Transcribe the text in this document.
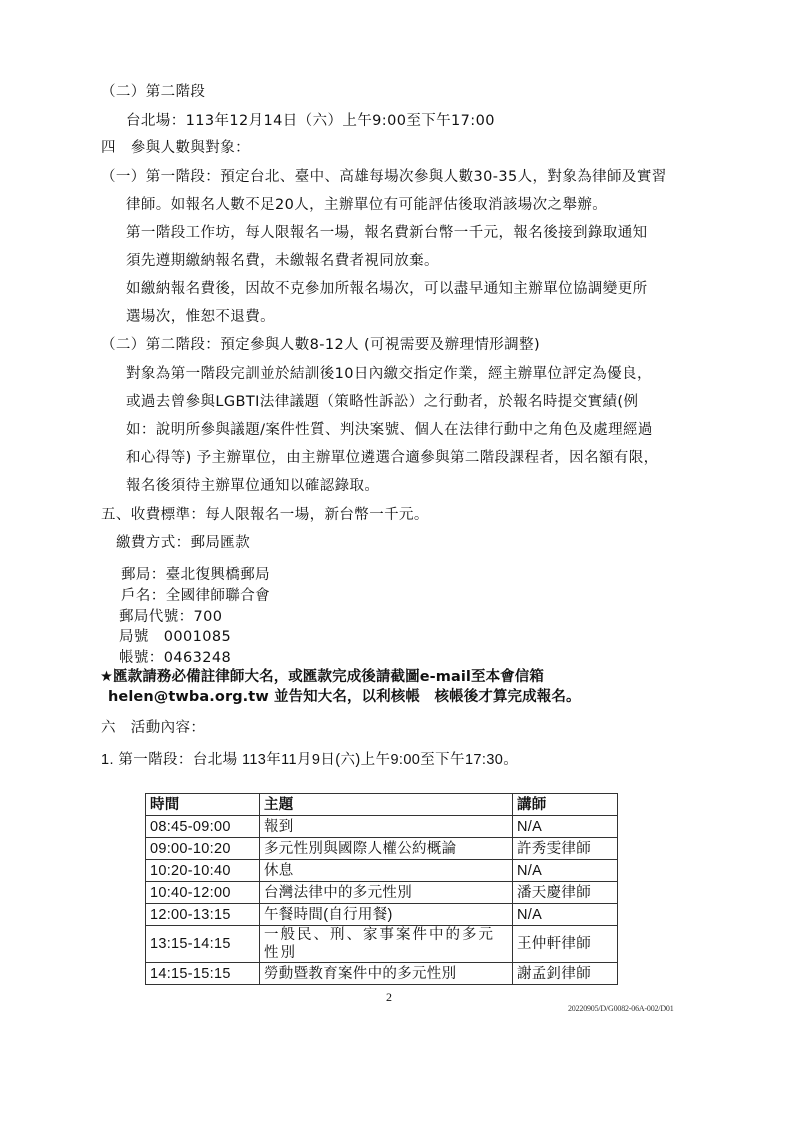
（二）第二階段
台北場：113年12月14日（六）上午9:00至下午17:00
四　參與人數與對象：
（一）第一階段：預定台北、臺中、高雄每場次參與人數30-35人，對象為律師及實習
律師。如報名人數不足20人，主辦單位有可能評估後取消該場次之舉辦。
第一階段工作坊，每人限報名一場，報名費新台幣一千元，報名後接到錄取通知
須先遵期繳納報名費，未繳報名費者視同放棄。
如繳納報名費後，因故不克參加所報名場次，可以盡早通知主辦單位協調變更所
選場次，惟恕不退費。
（二）第二階段：預定參與人數8-12人 (可視需要及辦理情形調整)
對象為第一階段完訓並於結訓後10日內繳交指定作業，經主辦單位評定為優良，
或過去曾參與LGBTI法律議題（策略性訴訟）之行動者，於報名時提交實績(例
如：說明所參與議題/案件性質、判決案號、個人在法律行動中之角色及處理經過
和心得等) 予主辦單位，由主辦單位遴選合適參與第二階段課程者，因名額有限，
報名後須待主辦單位通知以確認錄取。
五、收費標準：每人限報名一場，新台幣一千元。
繳費方式：郵局匯款
郵局：臺北復興橋郵局
戶名：全國律師聯合會
郵局代號：700
局號　0001085
帳號：0463248
★匯款請務必備註律師大名，或匯款完成後請截圖e-mail至本會信箱
helen@twba.org.tw 並告知大名，以利核帳　核帳後才算完成報名。
六　活動內容：
1. 第一階段：台北場 113年11月9日(六)上午9:00至下午17:30。
時間	主題	講師
08:45-09:00	報到	N/A
09:00-10:20	多元性別與國際人權公約概論	許秀雯律師
10:20-10:40	休息	N/A
10:40-12:00	台灣法律中的多元性別	潘天慶律師
12:00-13:15	午餐時間(自行用餐)	N/A
13:15-14:15	一般民、刑、家事案件中的多元性別	王仲軒律師
14:15-15:15	勞動暨教育案件中的多元性別	謝孟釗律師
2
20220905/D/G0082-06A-002/D01
